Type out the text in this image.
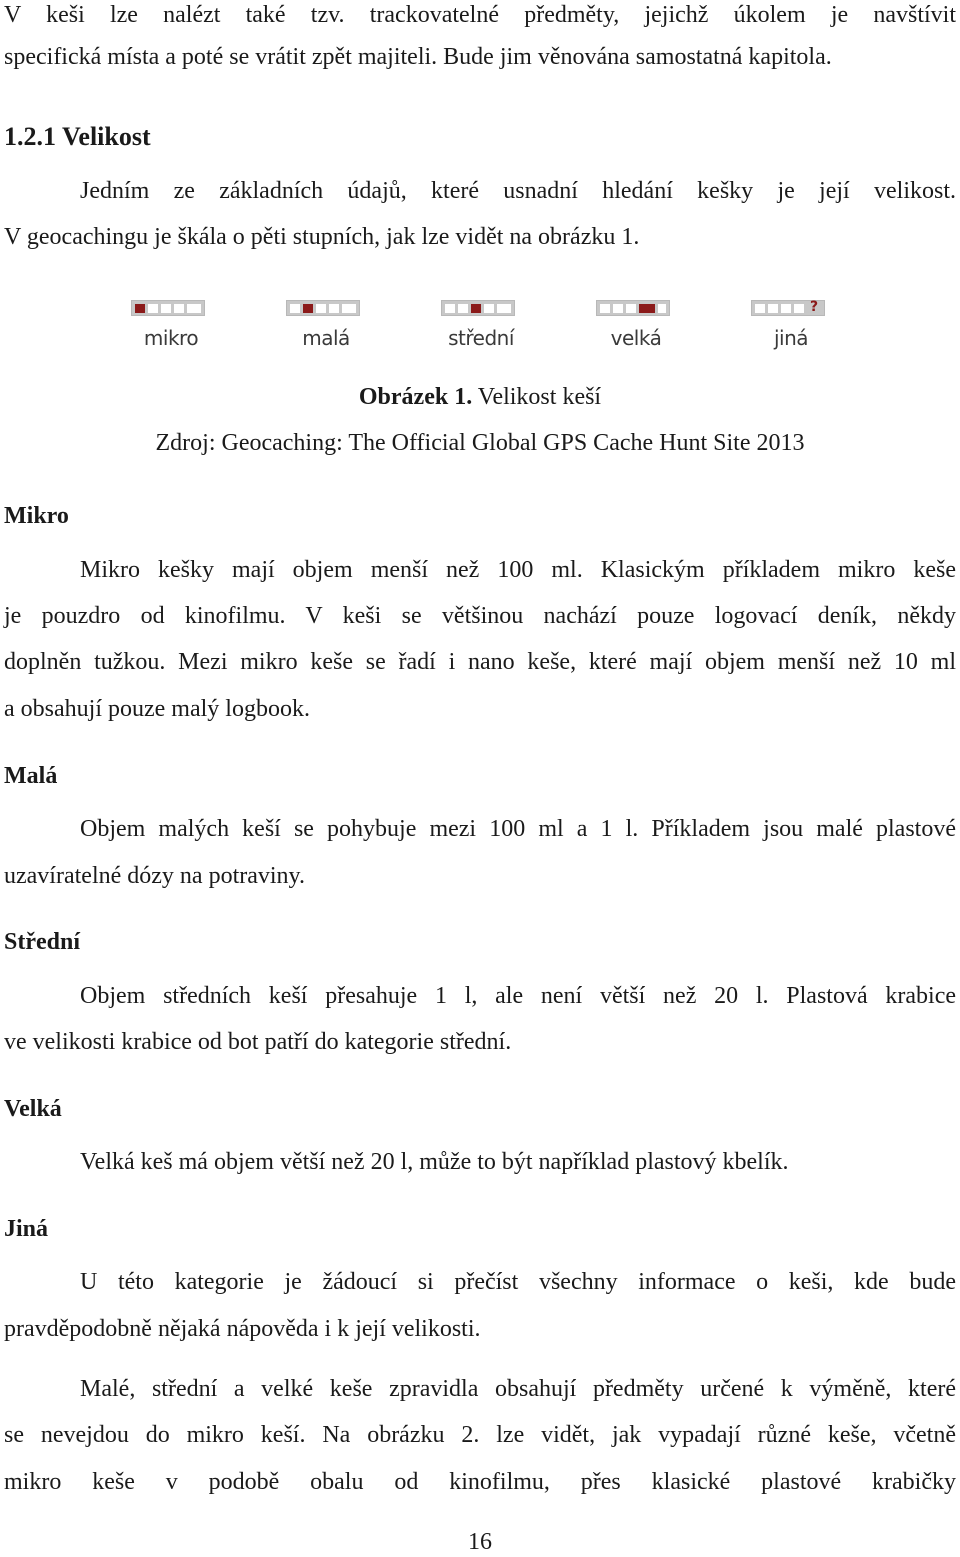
V keši lze nalézt také tzv. trackovatelné předměty, jejichž úkolem je navštívit
specifická místa a poté se vrátit zpět majiteli. Bude jim věnována samostatná kapitola.
1.2.1 Velikost
Jedním ze základních údajů, které usnadní hledání kešky je její velikost.
V geocachingu je škála o pěti stupních, jak lze vidět na obrázku 1.
mikro	malá	střední	velká
?
jiná
Obrázek 1. Velikost keší
Zdroj: Geocaching: The Official Global GPS Cache Hunt Site 2013
Mikro
Mikro kešky mají objem menší než 100 ml. Klasickým příkladem mikro keše
je pouzdro od kinofilmu. V keši se většinou nachází pouze logovací deník, někdy
doplněn tužkou. Mezi mikro keše se řadí i nano keše, které mají objem menší než 10 ml
a obsahují pouze malý logbook.
Malá
Objem malých keší se pohybuje mezi 100 ml a 1 l. Příkladem jsou malé plastové
uzavíratelné dózy na potraviny.
Střední
Objem středních keší přesahuje 1 l, ale není větší než 20 l. Plastová krabice
ve velikosti krabice od bot patří do kategorie střední.
Velká
Velká keš má objem větší než 20 l, může to být například plastový kbelík.
Jiná
U této kategorie je žádoucí si přečíst všechny informace o keši, kde bude
pravděpodobně nějaká nápověda i k její velikosti.
Malé, střední a velké keše zpravidla obsahují předměty určené k výměně, které
se nevejdou do mikro keší. Na obrázku 2. lze vidět, jak vypadají různé keše, včetně
mikro keše v podobě obalu od kinofilmu, přes klasické plastové krabičky
16
